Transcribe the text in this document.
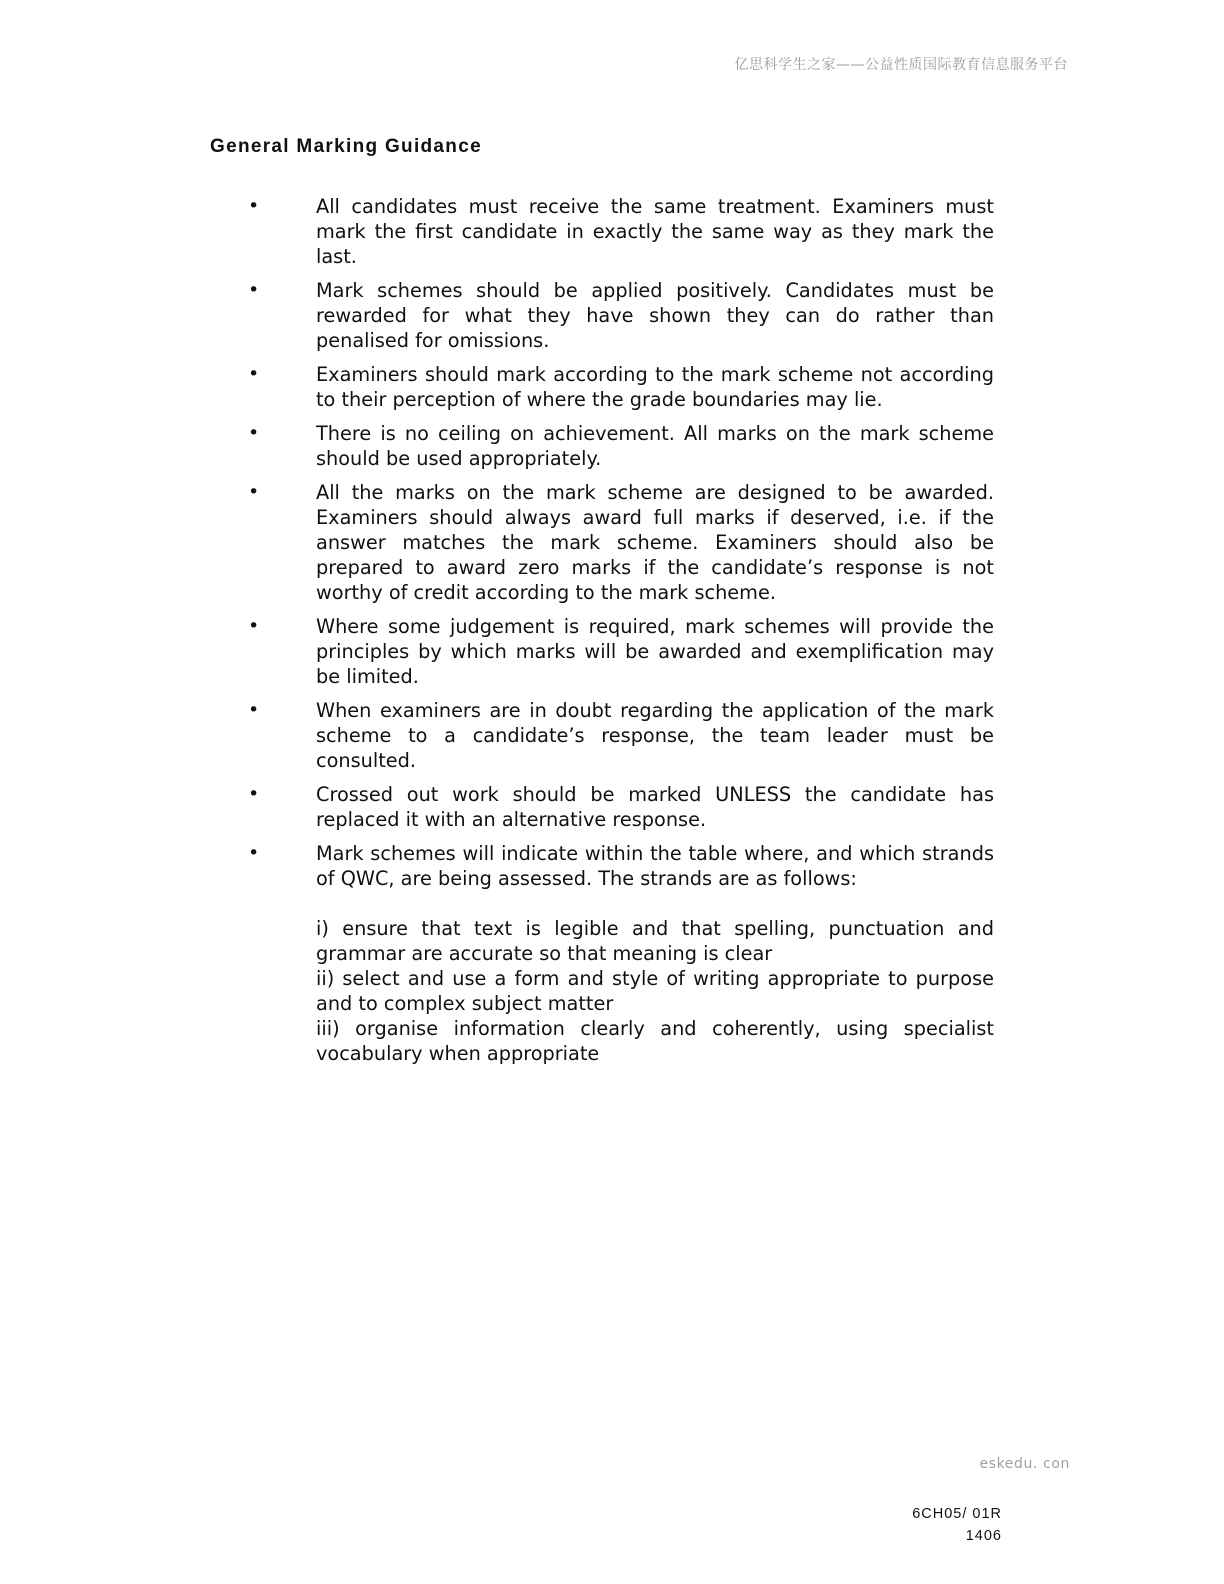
亿思科学生之家——公益性质国际教育信息服务平台
General Marking Guidance
•	All candidates must receive the same treatment. Examiners must mark the first candidate in exactly the same way as they mark the last.
•	Mark schemes should be applied positively. Candidates must be rewarded for what they have shown they can do rather than penalised for omissions.
•	Examiners should mark according to the mark scheme not according to their perception of where the grade boundaries may lie.
•	There is no ceiling on achievement. All marks on the mark scheme should be used appropriately.
•	All the marks on the mark scheme are designed to be awarded. Examiners should always award full marks if deserved, i.e. if the answer matches the mark scheme. Examiners should also be prepared to award zero marks if the candidate’s response is not worthy of credit according to the mark scheme.
•	Where some judgement is required, mark schemes will provide the principles by which marks will be awarded and exemplification may be limited.
•	When examiners are in doubt regarding the application of the mark scheme to a candidate’s response, the team leader must be consulted.
•	Crossed out work should be marked UNLESS the candidate has replaced it with an alternative response.
•	Mark schemes will indicate within the table where, and which strands of QWC, are being assessed. The strands are as follows:
i) ensure that text is legible and that spelling, punctuation and grammar are accurate so that meaning is clear
ii) select and use a form and style of writing appropriate to purpose and to complex subject matter
iii) organise information clearly and coherently, using specialist vocabulary when appropriate
eskedu. con
6CH05/ 01R
1406
